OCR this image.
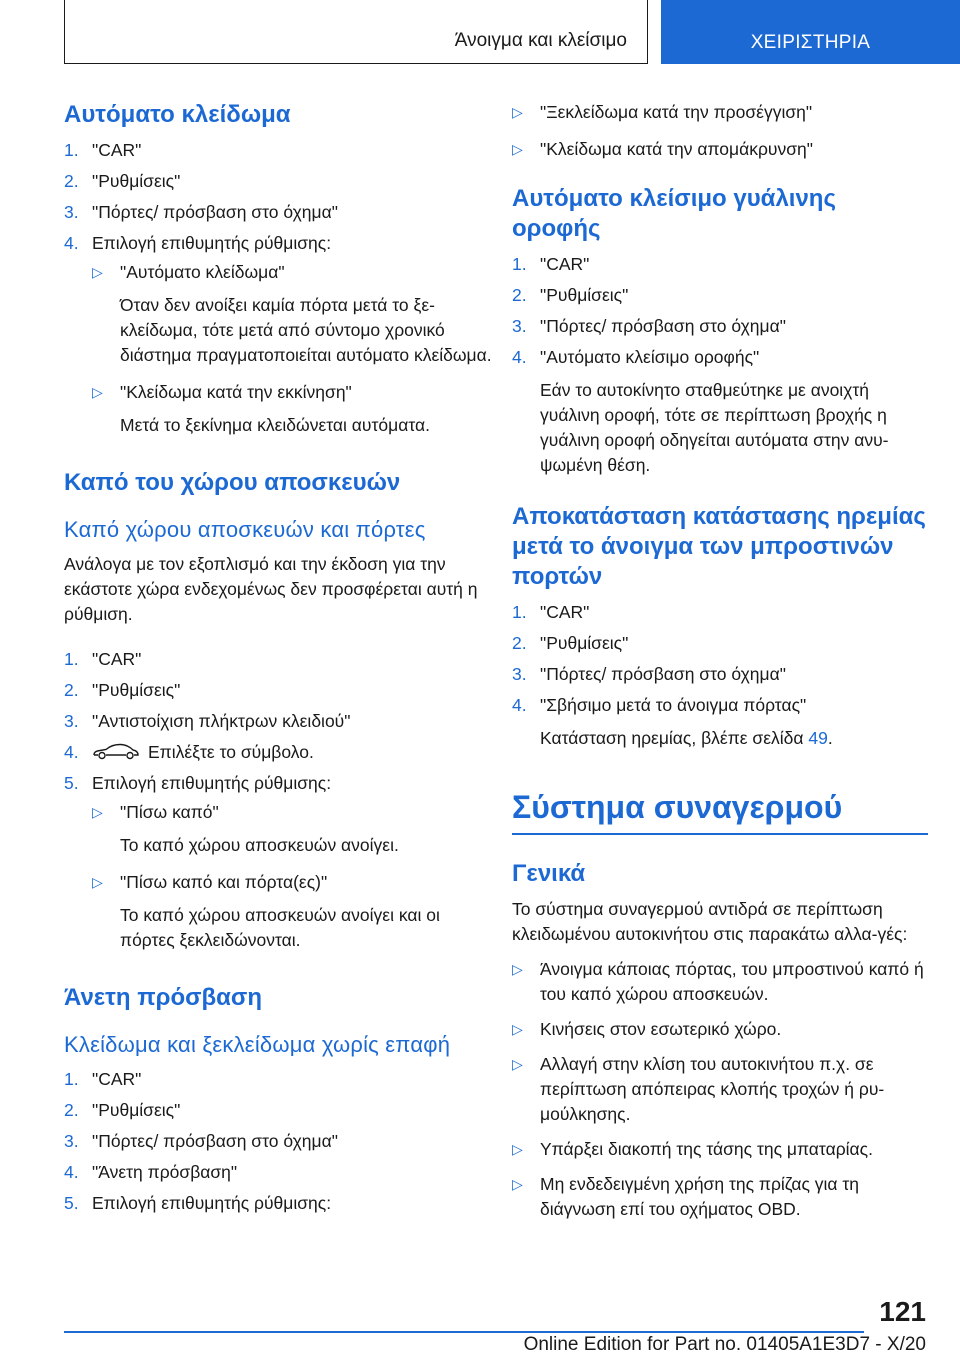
Άνοιγμα και κλείσιμο	ΧΕΙΡΙΣΤΗΡΙΑ
Αυτόματο κλείδωμα
1. "CAR"
2. "Ρυθμίσεις"
3. "Πόρτες/ πρόσβαση στο όχημα"
4. Επιλογή επιθυμητής ρύθμισης:
▷ "Αυτόματο κλείδωμα"
Όταν δεν ανοίξει καμία πόρτα μετά το ξε-κλείδωμα, τότε μετά από σύντομο χρονικό διάστημα πραγματοποιείται αυτόματο κλείδωμα.
▷ "Κλείδωμα κατά την εκκίνηση"
Μετά το ξεκίνημα κλειδώνεται αυτόματα.
Καπό του χώρου αποσκευών
Καπό χώρου αποσκευών και πόρτες

Ανάλογα με τον εξοπλισμό και την έκδοση για την εκάστοτε χώρα ενδεχομένως δεν προσφέρεται αυτή η ρύθμιση.

1. "CAR"
2. "Ρυθμίσεις"
3. "Αντιστοίχιση πλήκτρων κλειδιού"
4.	Επιλέξτε το σύμβολο.
5. Επιλογή επιθυμητής ρύθμισης:
▷ "Πίσω καπό"
Το καπό χώρου αποσκευών ανοίγει.
▷ "Πίσω καπό και πόρτα(ες)"
Το καπό χώρου αποσκευών ανοίγει και οι πόρτες ξεκλειδώνονται.
Άνετη πρόσβαση
Κλείδωμα και ξεκλείδωμα χωρίς επαφή
1. "CAR"
2. "Ρυθμίσεις"
3. "Πόρτες/ πρόσβαση στο όχημα"
4. "Άνετη πρόσβαση"
5. Επιλογή επιθυμητής ρύθμισης:
▷ "Ξεκλείδωμα κατά την προσέγγιση"
▷ "Κλείδωμα κατά την απομάκρυνση"
Αυτόματο κλείσιμο γυάλινης οροφής
1. "CAR"
2. "Ρυθμίσεις"
3. "Πόρτες/ πρόσβαση στο όχημα"
4. "Αυτόματο κλείσιμο οροφής"
Εάν το αυτοκίνητο σταθμεύτηκε με ανοιχτή γυάλινη οροφή, τότε σε περίπτωση βροχής η γυάλινη οροφή οδηγείται αυτόματα στην ανυ-ψωμένη θέση.
Αποκατάσταση κατάστασης ηρεμίας μετά το άνοιγμα των μπροστινών πορτών
1. "CAR"
2. "Ρυθμίσεις"
3. "Πόρτες/ πρόσβαση στο όχημα"
4. "Σβήσιμο μετά το άνοιγμα πόρτας"
Κατάσταση ηρεμίας, βλέπε σελίδα 49.
Σύστημα συναγερμού
Γενικά

Το σύστημα συναγερμού αντιδρά σε περίπτωση κλειδωμένου αυτοκινήτου στις παρακάτω αλλα-γές:

▷ Άνοιγμα κάποιας πόρτας, του μπροστινού καπό ή του καπό χώρου αποσκευών.
▷ Κινήσεις στον εσωτερικό χώρο.
▷ Αλλαγή στην κλίση του αυτοκινήτου π.χ. σε περίπτωση απόπειρας κλοπής τροχών ή ρυ-μούλκησης.
▷ Υπάρξει διακοπή της τάσης της μπαταρίας.
▷ Μη ενδεδειγμένη χρήση της πρίζας για τη διάγνωση επί του οχήματος OBD.
121
Online Edition for Part no. 01405A1E3D7 - X/20
